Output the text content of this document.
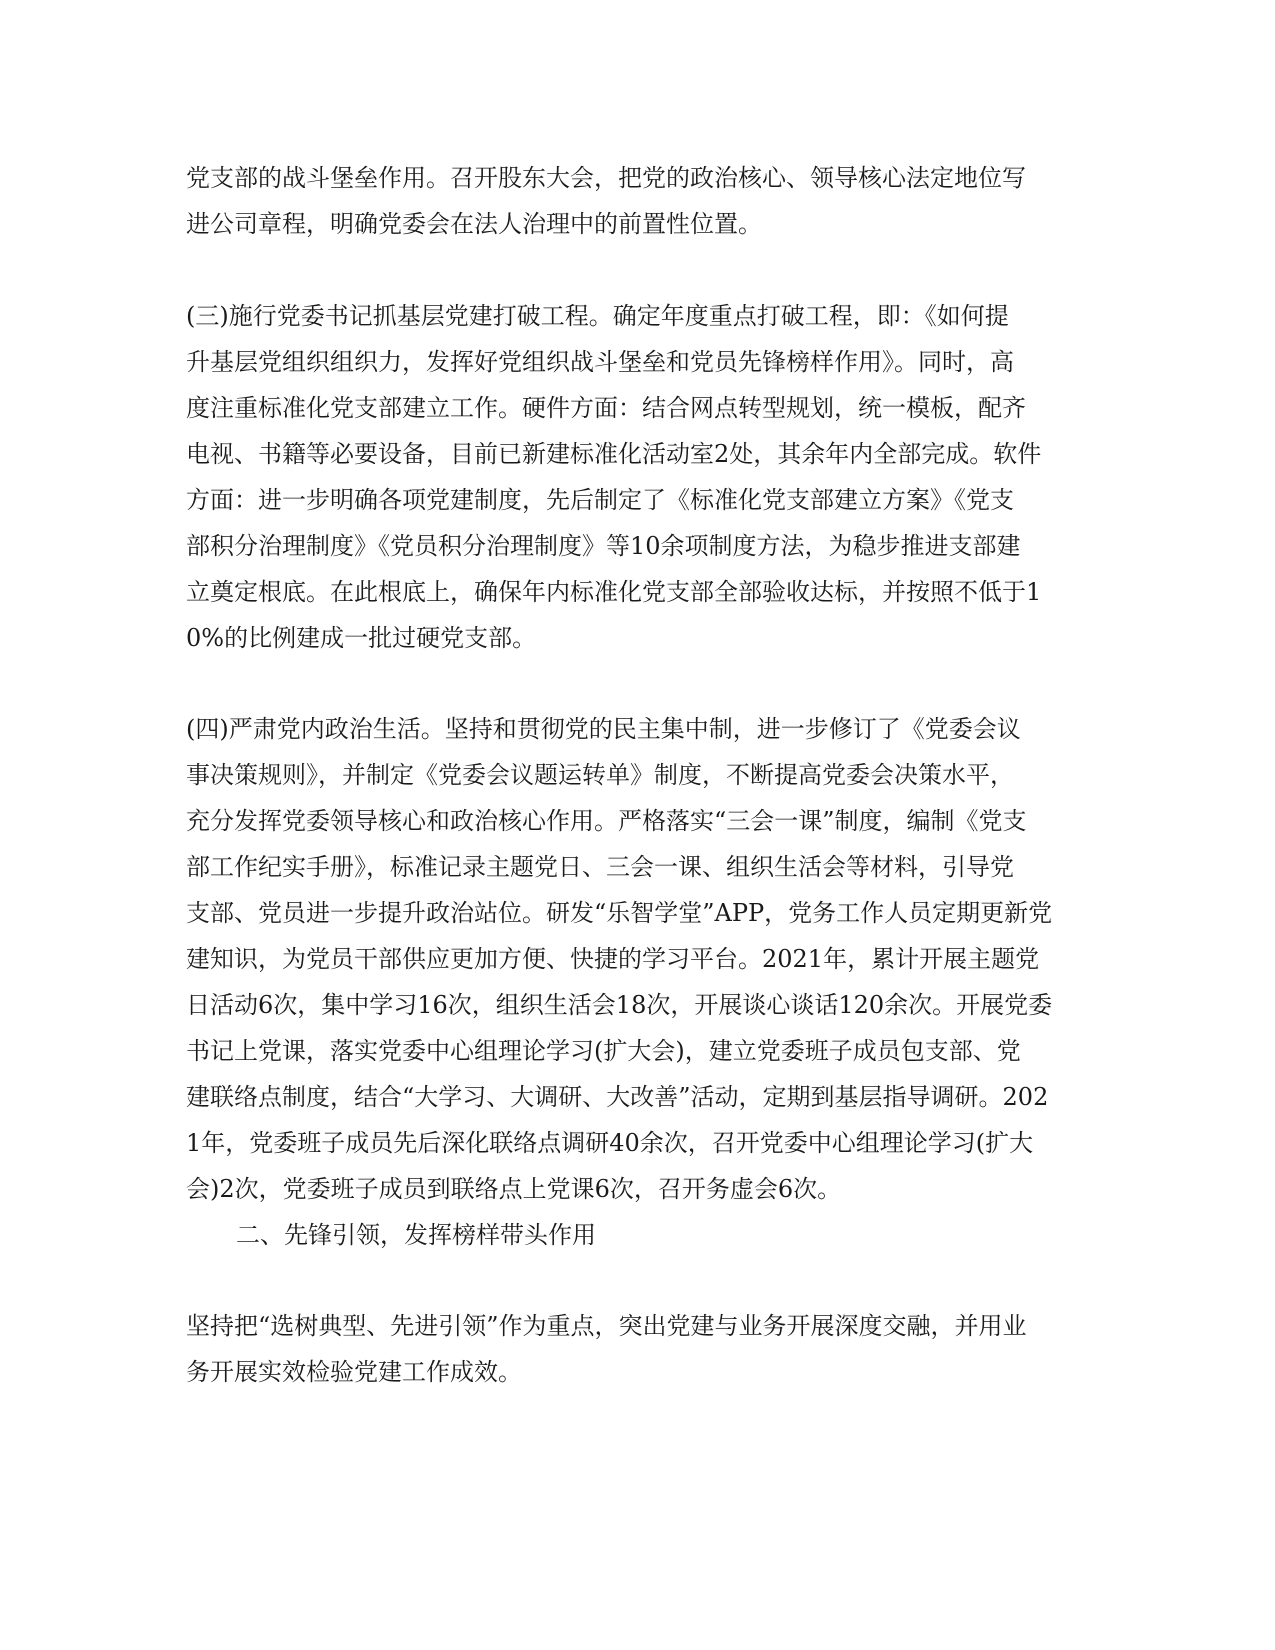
党支部的战斗堡垒作用。召开股东大会，把党的政治核心、领导核心法定地位写
进公司章程，明确党委会在法人治理中的前置性位置。
(三)施行党委书记抓基层党建打破工程。确定年度重点打破工程，即：《如何提
升基层党组织组织力，发挥好党组织战斗堡垒和党员先锋榜样作用》。同时，高
度注重标准化党支部建立工作。硬件方面：结合网点转型规划，统一模板，配齐
电视、书籍等必要设备，目前已新建标准化活动室2处，其余年内全部完成。软件
方面：进一步明确各项党建制度，先后制定了《标准化党支部建立方案》《党支
部积分治理制度》《党员积分治理制度》等10余项制度方法，为稳步推进支部建
立奠定根底。在此根底上，确保年内标准化党支部全部验收达标，并按照不低于1
0%的比例建成一批过硬党支部。
(四)严肃党内政治生活。坚持和贯彻党的民主集中制，进一步修订了《党委会议
事决策规则》，并制定《党委会议题运转单》制度，不断提高党委会决策水平，
充分发挥党委领导核心和政治核心作用。严格落实“三会一课”制度，编制《党支
部工作纪实手册》，标准记录主题党日、三会一课、组织生活会等材料，引导党
支部、党员进一步提升政治站位。研发“乐智学堂”APP，党务工作人员定期更新党
建知识，为党员干部供应更加方便、快捷的学习平台。2021年，累计开展主题党
日活动6次，集中学习16次，组织生活会18次，开展谈心谈话120余次。开展党委
书记上党课，落实党委中心组理论学习(扩大会)，建立党委班子成员包支部、党
建联络点制度，结合“大学习、大调研、大改善”活动，定期到基层指导调研。202
1年，党委班子成员先后深化联络点调研40余次，召开党委中心组理论学习(扩大
会)2次，党委班子成员到联络点上党课6次，召开务虚会6次。
二、先锋引领，发挥榜样带头作用
坚持把“选树典型、先进引领”作为重点，突出党建与业务开展深度交融，并用业
务开展实效检验党建工作成效。
